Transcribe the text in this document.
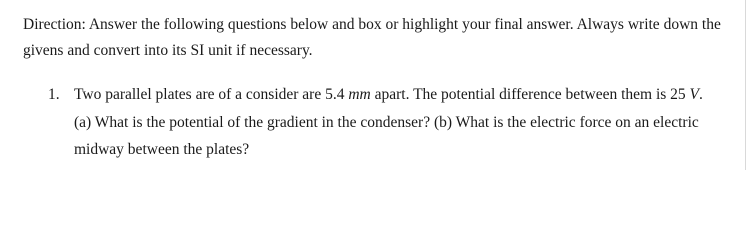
Direction: Answer the following questions below and box or highlight your final answer. Always write down the givens and convert into its SI unit if necessary.

1. Two parallel plates are of a consider are 5.4 mm apart. The potential difference between them is 25 V. (a) What is the potential of the gradient in the condenser? (b) What is the electric force on an electric midway between the plates?
